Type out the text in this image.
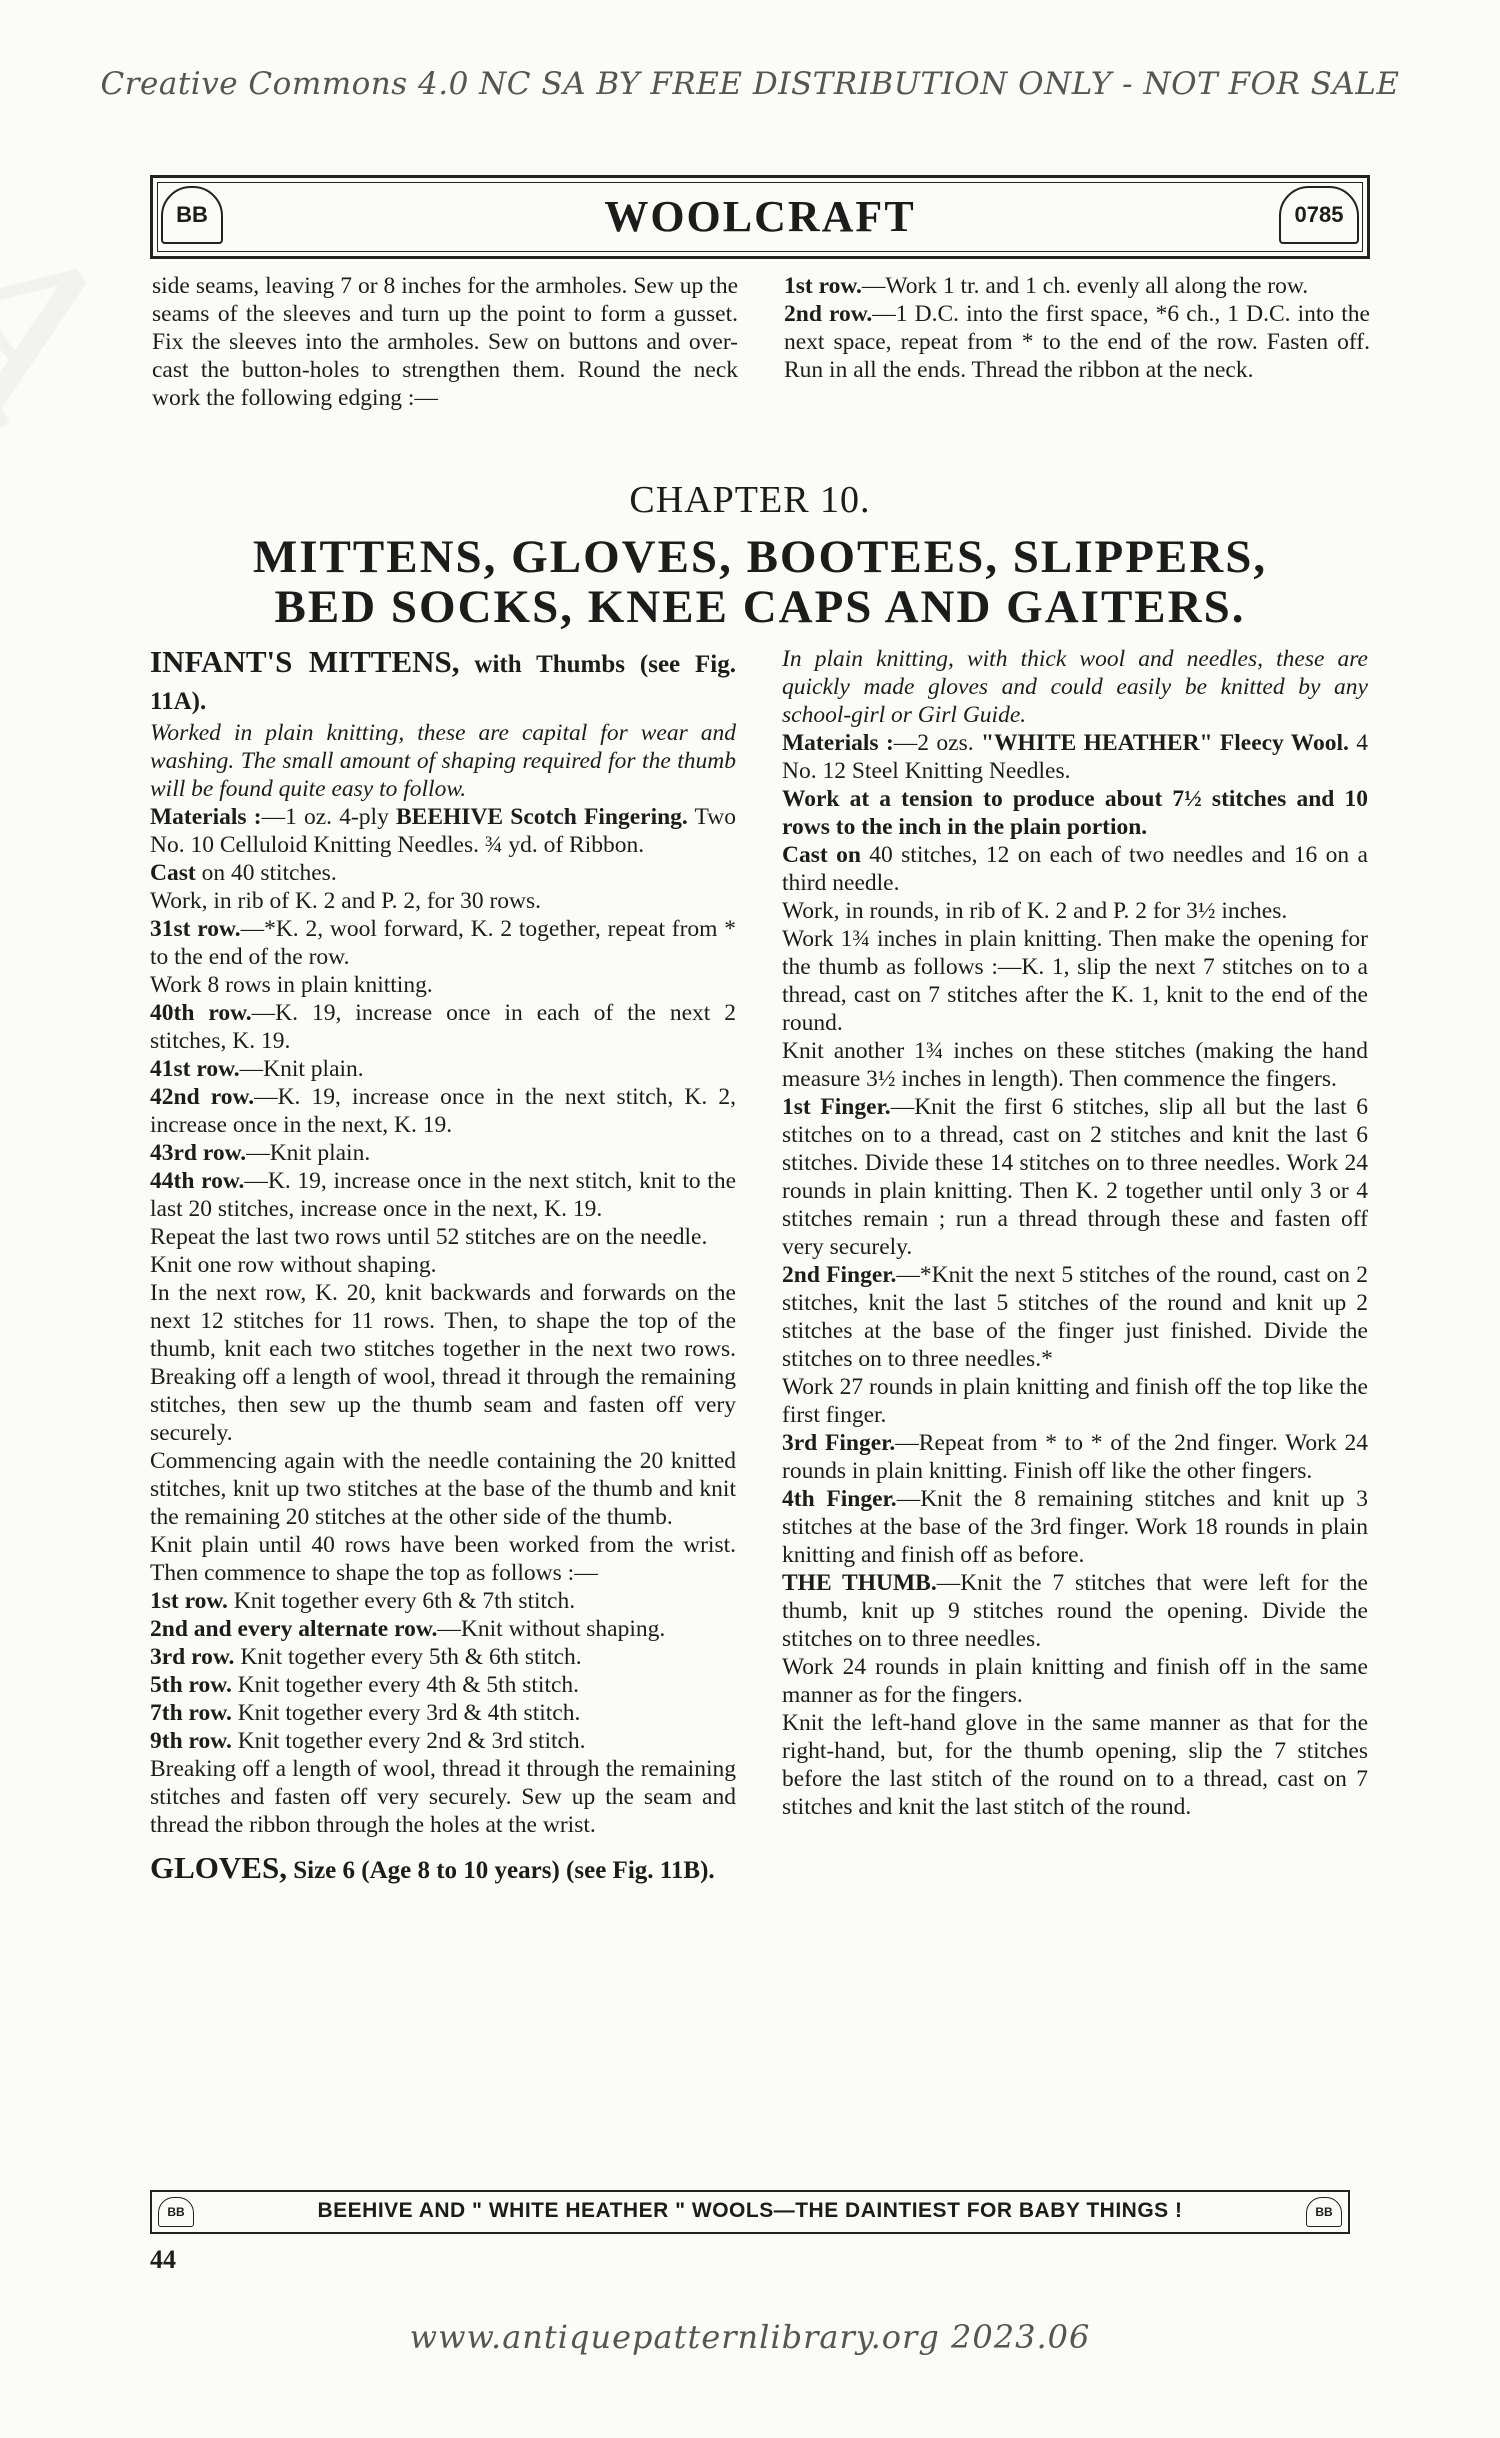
Creative Commons 4.0 NC SA BY FREE DISTRIBUTION ONLY - NOT FOR SALE
BB	WOOLCRAFT	0785

side seams, leaving 7 or 8 inches for the armholes. Sew up the seams of the sleeves and turn up the point to form a gusset. Fix the sleeves into the armholes. Sew on buttons and over-cast the button-holes to strengthen them. Round the neck work the following edging :—

1st row.—Work 1 tr. and 1 ch. evenly all along the row.

2nd row.—1 D.C. into the first space, *6 ch., 1 D.C. into the next space, repeat from * to the end of the row. Fasten off. Run in all the ends. Thread the ribbon at the neck.

CHAPTER 10.
MITTENS, GLOVES, BOOTEES, SLIPPERS,
BED SOCKS, KNEE CAPS AND GAITERS.

INFANT'S MITTENS, with Thumbs (see Fig. 11A).

Worked in plain knitting, these are capital for wear and washing. The small amount of shaping required for the thumb will be found quite easy to follow.

Materials :—1 oz. 4-ply BEEHIVE Scotch Fingering. Two No. 10 Celluloid Knitting Needles. ¾ yd. of Ribbon.

Cast on 40 stitches.

Work, in rib of K. 2 and P. 2, for 30 rows.

31st row.—*K. 2, wool forward, K. 2 together, repeat from * to the end of the row.

Work 8 rows in plain knitting.

40th row.—K. 19, increase once in each of the next 2 stitches, K. 19.

41st row.—Knit plain.

42nd row.—K. 19, increase once in the next stitch, K. 2, increase once in the next, K. 19.

43rd row.—Knit plain.

44th row.—K. 19, increase once in the next stitch, knit to the last 20 stitches, increase once in the next, K. 19.

Repeat the last two rows until 52 stitches are on the needle.

Knit one row without shaping.

In the next row, K. 20, knit backwards and forwards on the next 12 stitches for 11 rows. Then, to shape the top of the thumb, knit each two stitches together in the next two rows. Breaking off a length of wool, thread it through the remaining stitches, then sew up the thumb seam and fasten off very securely.

Commencing again with the needle containing the 20 knitted stitches, knit up two stitches at the base of the thumb and knit the remaining 20 stitches at the other side of the thumb.

Knit plain until 40 rows have been worked from the wrist. Then commence to shape the top as follows :—

1st row. Knit together every 6th & 7th stitch.

2nd and every alternate row.—Knit without shaping.

3rd row. Knit together every 5th & 6th stitch.

5th row. Knit together every 4th & 5th stitch.

7th row. Knit together every 3rd & 4th stitch.

9th row. Knit together every 2nd & 3rd stitch.

Breaking off a length of wool, thread it through the remaining stitches and fasten off very securely. Sew up the seam and thread the ribbon through the holes at the wrist.

GLOVES, Size 6 (Age 8 to 10 years) (see Fig. 11B).

In plain knitting, with thick wool and needles, these are quickly made gloves and could easily be knitted by any school-girl or Girl Guide.

Materials :—2 ozs. "WHITE HEATHER" Fleecy Wool. 4 No. 12 Steel Knitting Needles.

Work at a tension to produce about 7½ stitches and 10 rows to the inch in the plain portion.

Cast on 40 stitches, 12 on each of two needles and 16 on a third needle.

Work, in rounds, in rib of K. 2 and P. 2 for 3½ inches.

Work 1¾ inches in plain knitting. Then make the opening for the thumb as follows :—K. 1, slip the next 7 stitches on to a thread, cast on 7 stitches after the K. 1, knit to the end of the round.

Knit another 1¾ inches on these stitches (making the hand measure 3½ inches in length). Then commence the fingers.

1st Finger.—Knit the first 6 stitches, slip all but the last 6 stitches on to a thread, cast on 2 stitches and knit the last 6 stitches. Divide these 14 stitches on to three needles. Work 24 rounds in plain knitting. Then K. 2 together until only 3 or 4 stitches remain ; run a thread through these and fasten off very securely.

2nd Finger.—*Knit the next 5 stitches of the round, cast on 2 stitches, knit the last 5 stitches of the round and knit up 2 stitches at the base of the finger just finished. Divide the stitches on to three needles.*

Work 27 rounds in plain knitting and finish off the top like the first finger.

3rd Finger.—Repeat from * to * of the 2nd finger. Work 24 rounds in plain knitting. Finish off like the other fingers.

4th Finger.—Knit the 8 remaining stitches and knit up 3 stitches at the base of the 3rd finger. Work 18 rounds in plain knitting and finish off as before.

THE THUMB.—Knit the 7 stitches that were left for the thumb, knit up 9 stitches round the opening. Divide the stitches on to three needles.

Work 24 rounds in plain knitting and finish off in the same manner as for the fingers.

Knit the left-hand glove in the same manner as that for the right-hand, but, for the thumb opening, slip the 7 stitches before the last stitch of the round on to a thread, cast on 7 stitches and knit the last stitch of the round.

BB	BEEHIVE AND " WHITE HEATHER " WOOLS—THE DAINTIEST FOR BABY THINGS !	BB
44
www.antiquepatternlibrary.org 2023.06
